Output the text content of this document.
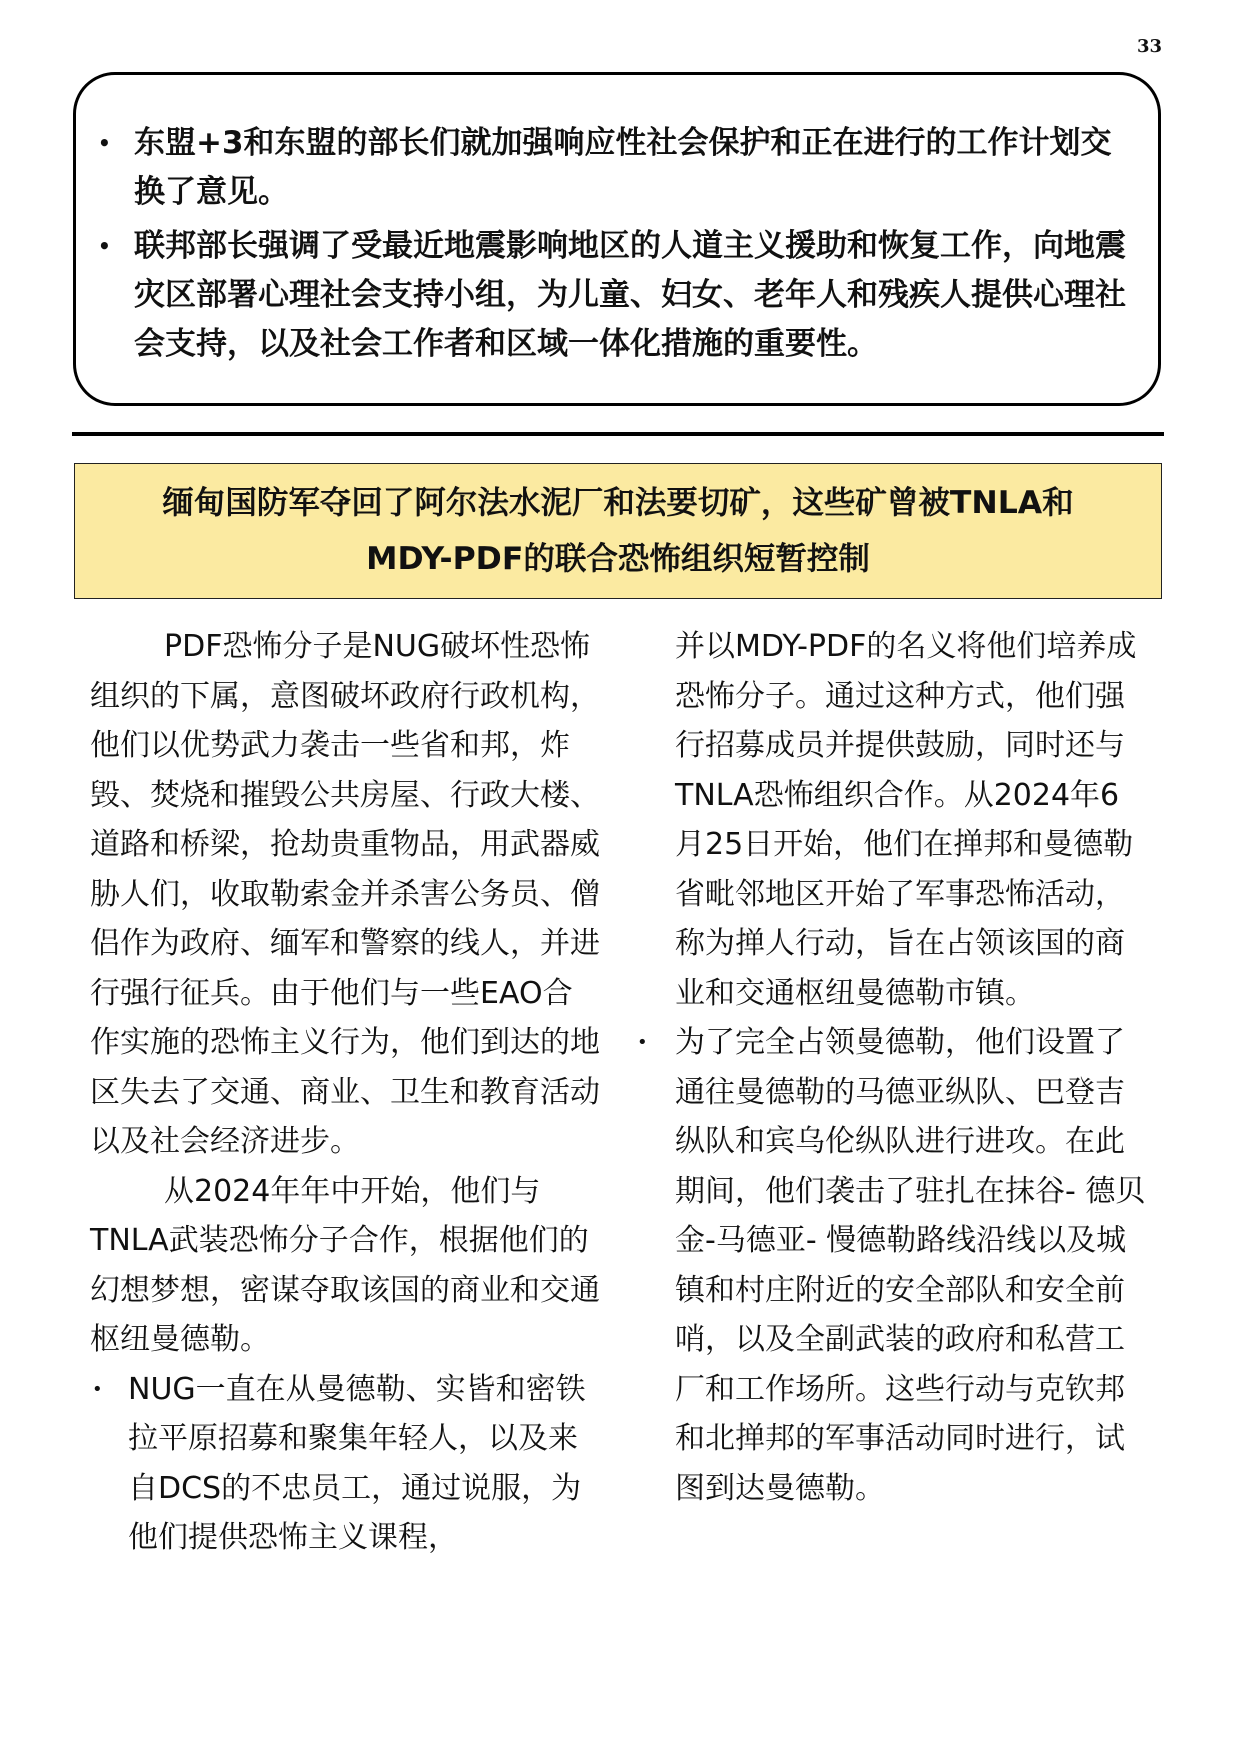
33
• 东盟+3和东盟的部长们就加强响应性社会保护和正在进行的工作计划交换了意见。
• 联邦部长强调了受最近地震影响地区的人道主义援助和恢复工作，向地震灾区部署心理社会支持小组，为儿童、妇女、老年人和残疾人提供心理社会支持，以及社会工作者和区域一体化措施的重要性。
缅甸国防军夺回了阿尔法水泥厂和法要切矿，这些矿曾被TNLA和
MDY-PDF的联合恐怖组织短暂控制

PDF恐怖分子是NUG破坏性恐怖组织的下属，意图破坏政府行政机构，他们以优势武力袭击一些省和邦，炸毁、焚烧和摧毁公共房屋、行政大楼、道路和桥梁，抢劫贵重物品，用武器威胁人们，收取勒索金并杀害公务员、僧侣作为政府、缅军和警察的线人，并进行强行征兵。由于他们与一些EAO合作实施的恐怖主义行为，他们到达的地区失去了交通、商业、卫生和教育活动以及社会经济进步。

从2024年年中开始，他们与TNLA武装恐怖分子合作，根据他们的幻想梦想，密谋夺取该国的商业和交通枢纽曼德勒。

• NUG一直在从曼德勒、实皆和密铁拉平原招募和聚集年轻人，以及来自DCS的不忠员工，通过说服，为他们提供恐怖主义课程，

并以MDY-PDF的名义将他们培养成恐怖分子。通过这种方式，他们强行招募成员并提供鼓励，同时还与TNLA恐怖组织合作。从2024年6月25日开始，他们在掸邦和曼德勒省毗邻地区开始了军事恐怖活动，称为掸人行动，旨在占领该国的商业和交通枢纽曼德勒市镇。

• 为了完全占领曼德勒，他们设置了通往曼德勒的马德亚纵队、巴登吉纵队和宾乌伦纵队进行进攻。在此期间，他们袭击了驻扎在抹谷- 德贝金-马德亚- 慢德勒路线沿线以及城镇和村庄附近的安全部队和安全前哨，以及全副武装的政府和私营工厂和工作场所。这些行动与克钦邦和北掸邦的军事活动同时进行，试图到达曼德勒。
